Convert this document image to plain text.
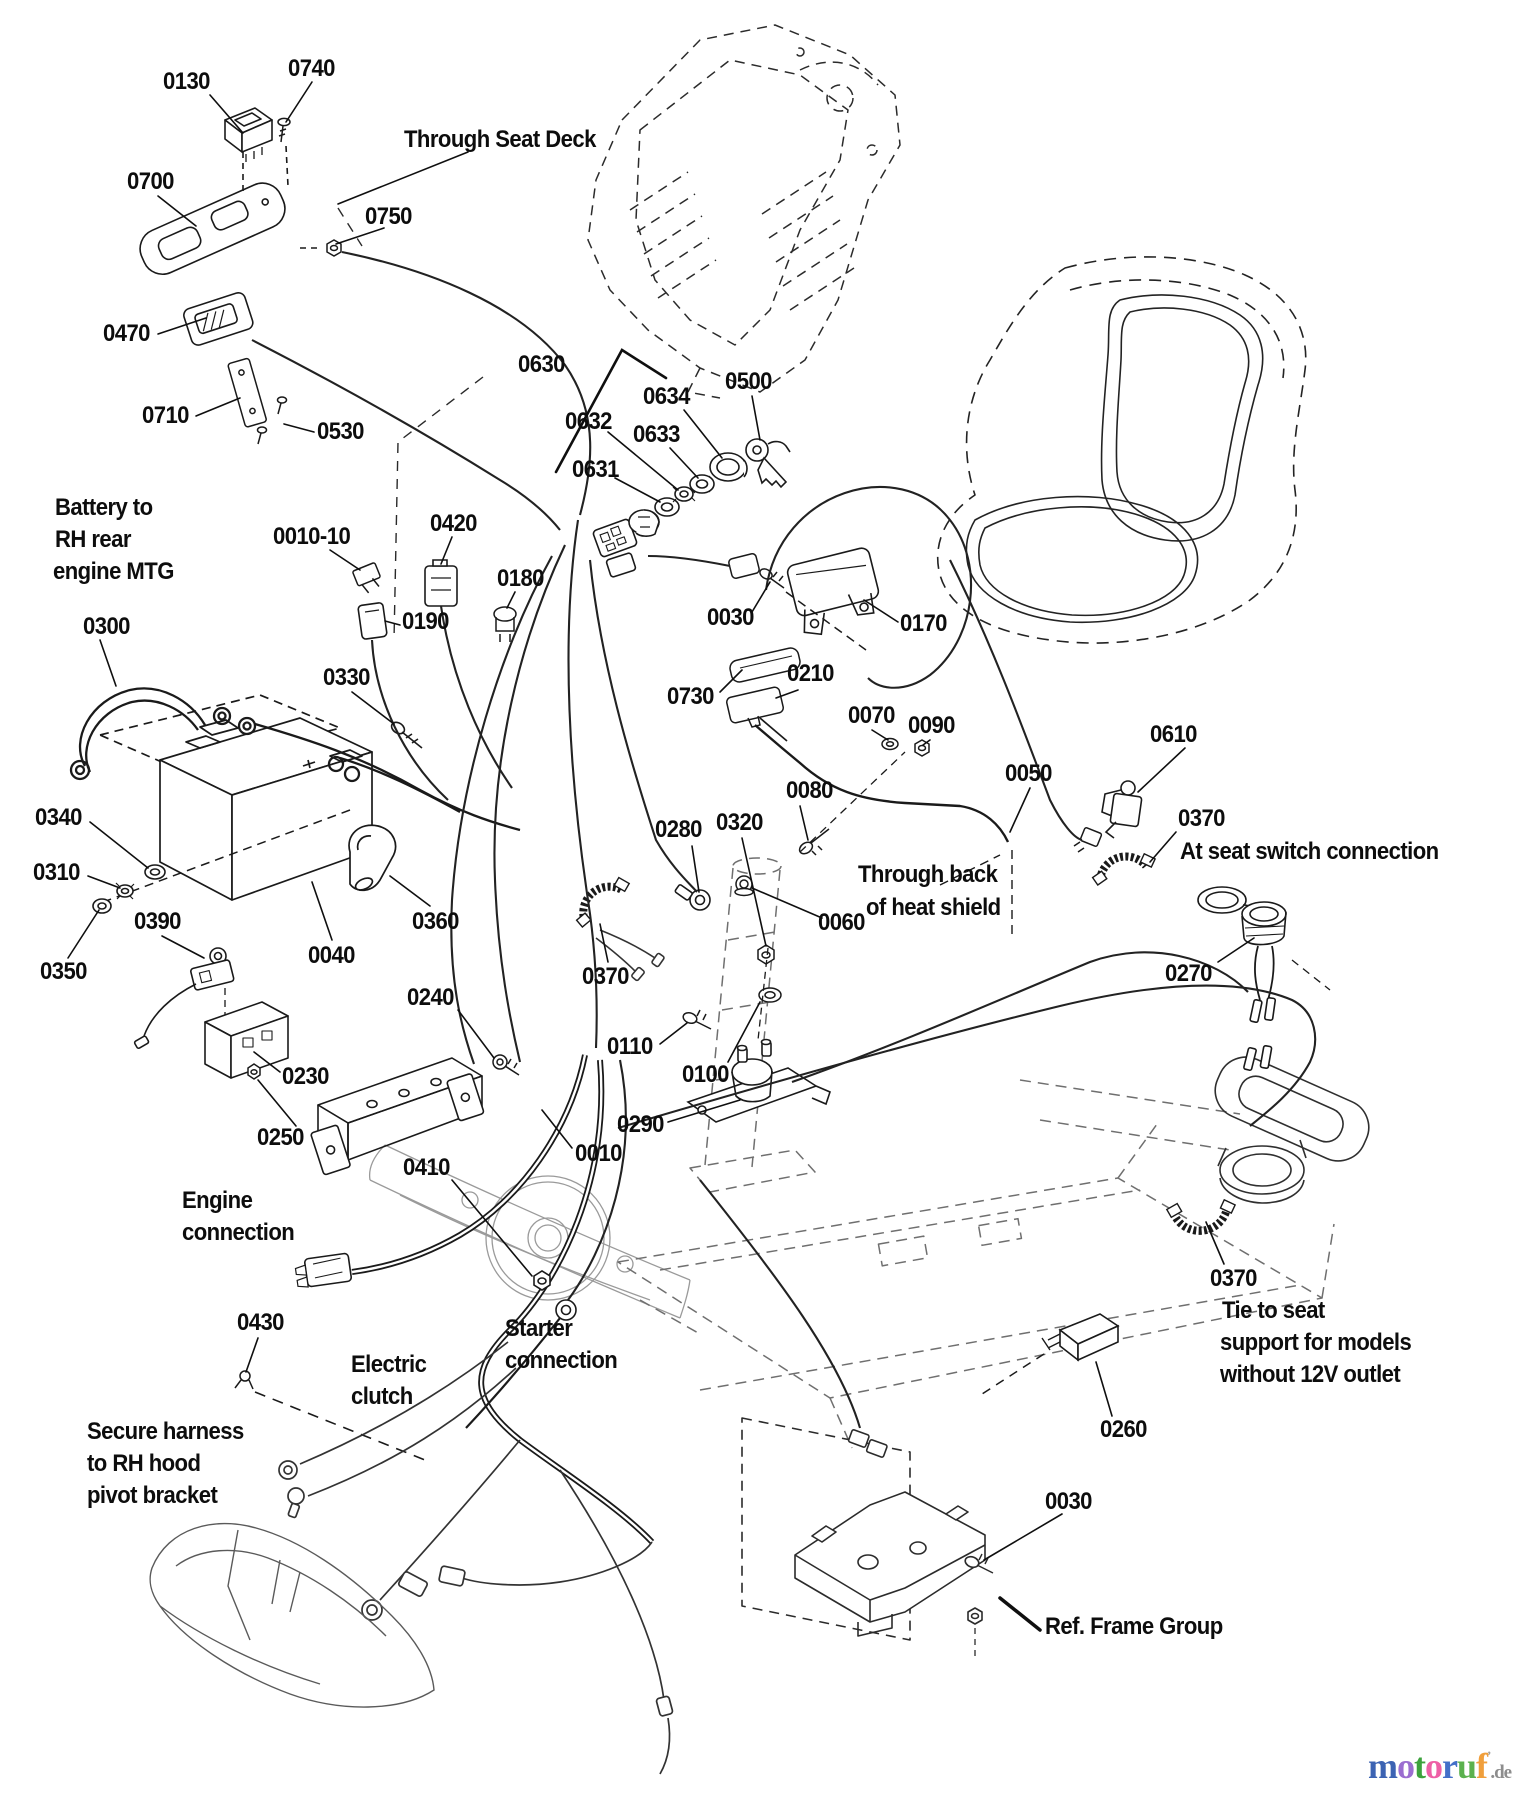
0130	0740
Through Seat Deck
0700
0750
0470
0710
0530
0630
0632 0633
0634
0500
0631
Battery to
RH rear
engine MTG
0010-10	0420
0180
0300	0190
0330
0030	0170
0730
0210
0070 0090	0610
0050
0080
0370
At seat switch connection
0340
0310
0280 0320
Through back
of heat shield
0060
0360
0390
0040
0350	0370	0270
0240
0110
0100
0230
0250	0290
0010
0410
Engine
connection
0430
Electric
clutch
Starter
connection
Secure harness
to RH hood
pivot bracket
0370
Tie to seat
support for models
without 12V outlet
0260
0030
Ref. Frame Group
motoruf’.de
